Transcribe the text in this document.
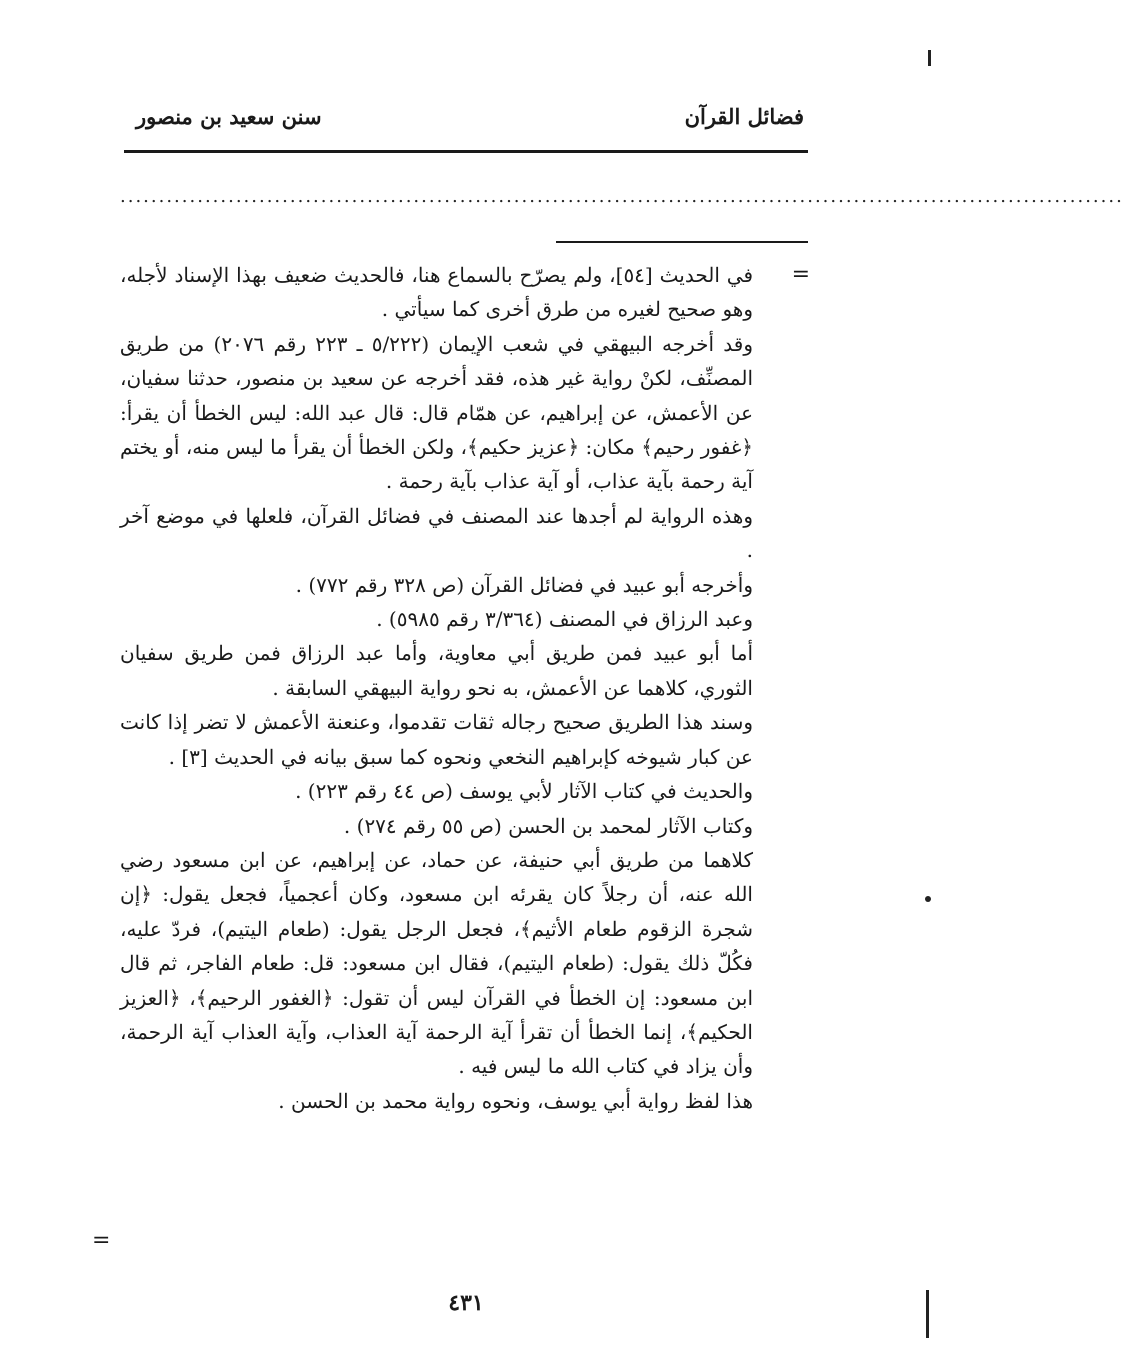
فضائل القرآن
سنن سعيد بن منصور
..................................................................................................................................
=

في الحديث [٥٤]، ولم يصرّح بالسماع هنا، فالحديث ضعيف بهذا الإسناد لأجله، وهو صحيح لغيره من طرق أخرى كما سيأتي .

وقد أخرجه البيهقي في شعب الإيمان (٥/٢٢٢ ـ ٢٢٣ رقم ٢٠٧٦) من طريق المصنِّف، لكنْ رواية غير هذه، فقد أخرجه عن سعيد بن منصور، حدثنا سفيان، عن الأعمش، عن إبراهيم، عن همّام قال: قال عبد الله: ليس الخطأ أن يقرأ: ﴿غفور رحيم﴾ مكان: ﴿عزيز حكيم﴾، ولكن الخطأ أن يقرأ ما ليس منه، أو يختم آية رحمة بآية عذاب، أو آية عذاب بآية رحمة .

وهذه الرواية لم أجدها عند المصنف في فضائل القرآن، فلعلها في موضع آخر .

وأخرجه أبو عبيد في فضائل القرآن (ص ٣٢٨ رقم ٧٧٢) .

وعبد الرزاق في المصنف (٣/٣٦٤ رقم ٥٩٨٥) .

أما أبو عبيد فمن طريق أبي معاوية، وأما عبد الرزاق فمن طريق سفيان الثوري، كلاهما عن الأعمش، به نحو رواية البيهقي السابقة .

وسند هذا الطريق صحيح رجاله ثقات تقدموا، وعنعنة الأعمش لا تضر إذا كانت عن كبار شيوخه كإبراهيم النخعي ونحوه كما سبق بيانه في الحديث [٣] .

والحديث في كتاب الآثار لأبي يوسف (ص ٤٤ رقم ٢٢٣) .

وكتاب الآثار لمحمد بن الحسن (ص ٥٥ رقم ٢٧٤) .

كلاهما من طريق أبي حنيفة، عن حماد، عن إبراهيم، عن ابن مسعود رضي الله عنه، أن رجلاً كان يقرئه ابن مسعود، وكان أعجمياً، فجعل يقول: ﴿إن شجرة الزقوم طعام الأثيم﴾، فجعل الرجل يقول: (طعام اليتيم)، فردّ عليه، فكُلّ ذلك يقول: (طعام اليتيم)، فقال ابن مسعود: قل: طعام الفاجر، ثم قال ابن مسعود: إن الخطأ في القرآن ليس أن تقول: ﴿الغفور الرحيم﴾، ﴿العزيز الحكيم﴾، إنما الخطأ أن تقرأ آية الرحمة آية العذاب، وآية العذاب آية الرحمة، وأن يزاد في كتاب الله ما ليس فيه .

هذا لفظ رواية أبي يوسف، ونحوه رواية محمد بن الحسن .

=
٤٣١
